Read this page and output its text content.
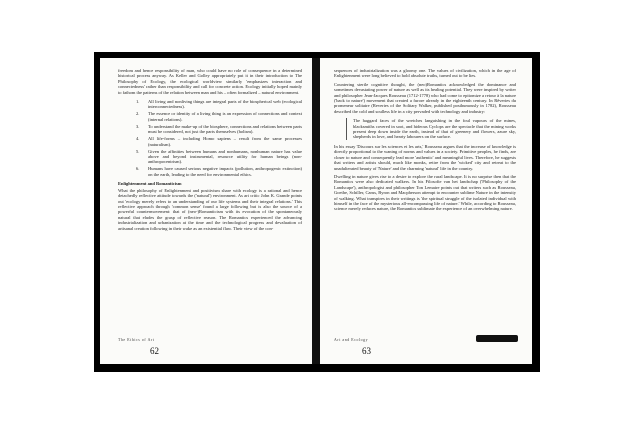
freedom and hence responsibility of man, who could have no role of consequence in a determined historical process anyway. As Keller and Golley appropriately put it in their introduction to The Philosophy of Ecology, the ecological worldview similarly 'emphasizes interaction and connectedness' rather than responsibility and call for concrete action. Ecology initially hoped mainly to fathom the patterns of the relation between man and his – often formalized – natural environment.

1. All living and nonliving things are integral parts of the biospherical web (ecological interconnectedness).
2. The essence or identity of a living thing is an expression of connections and context (internal relations).
3. To understand the make-up of the biosphere, connections and relations between parts must be considered, not just the parts themselves (holism).
4. All life-forms – including Homo sapiens – result from the same processes (naturalism).
5. Given the affinities between humans and nonhumans, nonhuman nature has value above and beyond instrumental, resource utility for human beings (non-anthropocentrism).
6. Humans have caused serious negative impacts (pollution, anthropogenic extinction) on the earth, leading to the need for environmental ethics.
Enlightenment and Romanticism

What the philosophy of Enlightenment and positivism share with ecology is a rational and hence detachedly reflective attitude towards the ('natural') environment. As art critic John K. Grande points out 'ecology merely refers to an understanding of our life systems and their integral relations.' This reflective approach through 'common sense' found a large following but is also the source of a powerful countermovement: that of (neo-)Romanticism with its evocation of the spontaneously natural that eludes the grasp of reflective reason. The Romantics experienced the advancing industrialization and urbanization at the time and the technological progress and devaluation of artisanal creation following in their wake as an existential flaw. Their view of the con-

The Ethics of Art
62

sequences of industrialization was a gloomy one. The values of civilization, which in the age of Enlightenment were long believed to hold absolute truths, turned out to be lies.

Countering sterile cognitive thought, the (neo)Romantics acknowledged the dominance and sometimes devastating power of nature as well as its healing potential. They were inspired by writer and philosopher Jean-Jacques Rousseau (1712-1778) who had come to epitomize a retour à la nature ('back to nature') movement that created a furore already in the eighteenth century. In Rêveries du promeneur solitaire (Reveries of the Solitary Walker, published posthumously in 1782), Rousseau described the cold and soulless life in a city pervaded with technology and industry:

The haggard faces of the wretches languishing in the foul vapours of the mines, blacksmiths covered in soot, and hideous Cyclops are the spectacle that the mining works present deep down inside the earth, instead of that of greenery and flowers, azure sky, shepherds in love, and hearty labourers on the surface.

In his essay 'Discours sur les sciences et les arts,' Rousseau argues that the increase of knowledge is directly proportional to the waning of norms and values in a society. Primitive peoples, he finds, are closer to nature and consequently lead more 'authentic' and meaningful lives. Therefore, he suggests that writers and artists should, much like monks, retire from the 'wicked' city and retreat to the unadulterated beauty of 'Nature' and the charming 'natural' life in the country.

Dwelling in nature gives rise to a desire to explore the rural landscape. It is no surprise then that the Romantics were also dedicated walkers. In his Filosofie van het landschap ('Philosophy of the Landscape'), anthropologist and philosopher Ton Lemaire points out that writers such as Rousseau, Goethe, Schiller, Carus, Byron and Macpherson attempt to encounter sublime Nature in the intensity of walking. What transpires in their writings is 'the spiritual struggle of the isolated individual with himself in the face of the mysterious all-encompassing life of nature.' While, according to Rousseau, science merely reduces nature, the Romantics sublimate the experience of an overwhelming nature.

Art and Ecology
63
